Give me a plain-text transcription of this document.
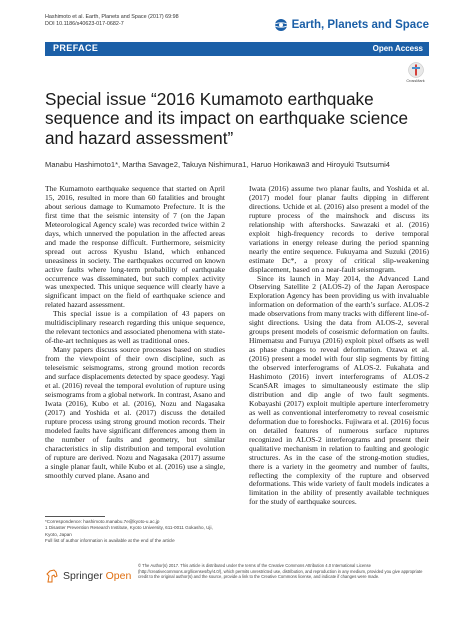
Hashimoto et al. Earth, Planets and Space (2017) 69:98
DOI 10.1186/s40623-017-0682-7	Earth, Planets and Space
PREFACE	Open Access
CrossMark
Special issue “2016 Kumamoto earthquake sequence and its impact on earthquake science and hazard assessment”
Manabu Hashimoto1*, Martha Savage2, Takuya Nishimura1, Haruo Horikawa3 and Hiroyuki Tsutsumi4

The Kumamoto earthquake sequence that started on April 15, 2016, resulted in more than 60 fatalities and brought about serious damage to Kumamoto Prefecture. It is the first time that the seismic intensity of 7 (on the Japan Meteorological Agency scale) was recorded twice within 2 days, which unnerved the population in the affected areas and made the response difficult. Furthermore, seismicity spread out across Kyushu Island, which enhanced uneasiness in society. The earthquakes occurred on known active faults where long-term probability of earthquake occurrence was disseminated, but such complex activity was unexpected. This unique sequence will clearly have a significant impact on the field of earthquake science and related hazard assessment.

This special issue is a compilation of 43 papers on multidisciplinary research regarding this unique sequence, the relevant tectonics and associated phenomena with state-of-the-art techniques as well as traditional ones.

Many papers discuss source processes based on studies from the viewpoint of their own discipline, such as teleseismic seismograms, strong ground motion records and surface displacements detected by space geodesy. Yagi et al. (2016) reveal the temporal evolution of rupture using seismograms from a global network. In contrast, Asano and Iwata (2016), Kubo et al. (2016), Nozu and Nagasaka (2017) and Yoshida et al. (2017) discuss the detailed rupture process using strong ground motion records. Their modeled faults have significant differences among them in the number of faults and geometry, but similar characteristics in slip distribution and temporal evolution of rupture are derived. Nozu and Nagasaka (2017) assume a single planar fault, while Kubo et al. (2016) use a single, smoothly curved plane. Asano and

Iwata (2016) assume two planar faults, and Yoshida et al. (2017) model four planar faults dipping in different directions. Uchide et al. (2016) also present a model of the rupture process of the mainshock and discuss its relationship with aftershocks. Sawazaki et al. (2016) exploit high-frequency records to derive temporal variations in energy release during the period spanning nearly the entire sequence. Fukuyama and Suzuki (2016) estimate Dc*, a proxy of critical slip-weakening displacement, based on a near-fault seismogram.

Since its launch in May 2014, the Advanced Land Observing Satellite 2 (ALOS-2) of the Japan Aerospace Exploration Agency has been providing us with invaluable information on deformation of the earth’s surface. ALOS-2 made observations from many tracks with different line-of-sight directions. Using the data from ALOS-2, several groups present models of coseismic deformation on faults. Himematsu and Furuya (2016) exploit pixel offsets as well as phase changes to reveal deformation. Ozawa et al. (2016) present a model with four slip segments by fitting the observed interferograms of ALOS-2. Fukahata and Hashimoto (2016) invert interferograms of ALOS-2 ScanSAR images to simultaneously estimate the slip distribution and dip angle of two fault segments. Kobayashi (2017) exploit multiple aperture interferometry as well as conventional interferometry to reveal coseismic deformation due to foreshocks. Fujiwara et al. (2016) focus on detailed features of numerous surface ruptures recognized in ALOS-2 interferograms and present their qualitative mechanism in relation to faulting and geologic structures. As in the case of the strong-motion studies, there is a variety in the geometry and number of faults, reflecting the complexity of the rupture and observed deformations. This wide variety of fault models indicates a limitation in the ability of presently available techniques for the study of earthquake sources.

*Correspondence: hashimoto.manabu.7e@kyoto-u.ac.jp
1 Disaster Prevention Research Institute, Kyoto University, 611-0011 Gokasho, Uji, Kyoto, Japan
Full list of author information is available at the end of the article
Springer Open
© The Author(s) 2017. This article is distributed under the terms of the Creative Commons Attribution 4.0 International License (http://creativecommons.org/licenses/by/4.0/), which permits unrestricted use, distribution, and reproduction in any medium, provided you give appropriate credit to the original author(s) and the source, provide a link to the Creative Commons license, and indicate if changes were made.
